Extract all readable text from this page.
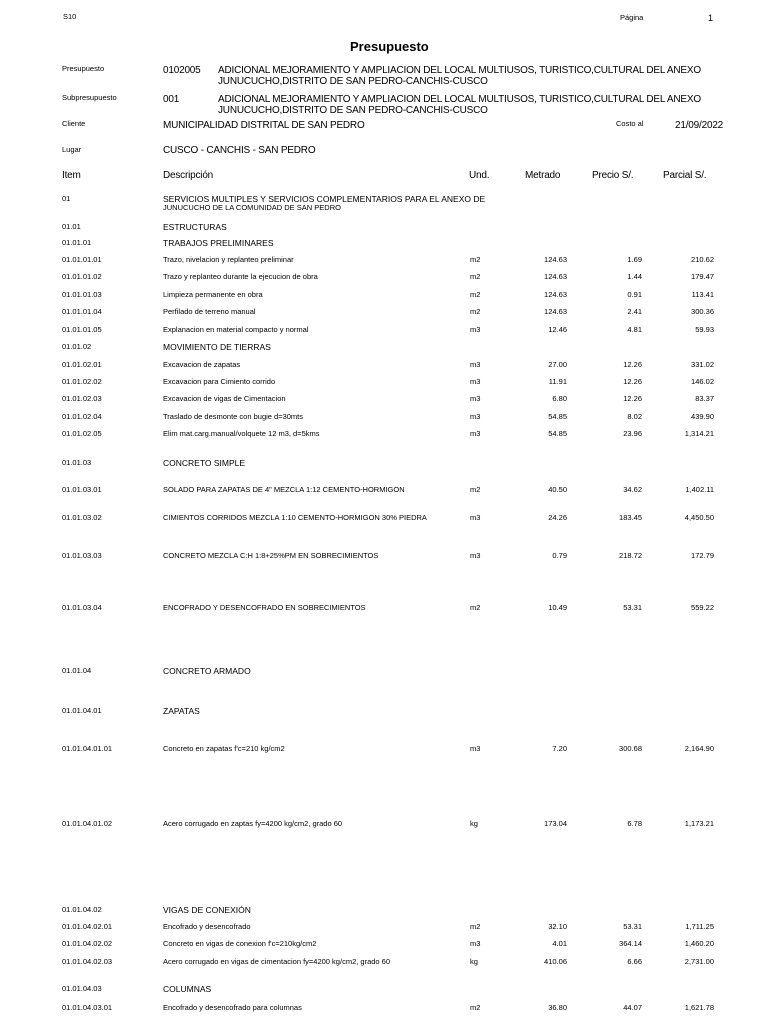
S10	Página	1
Presupuesto
Presupuesto	0102005 ADICIONAL MEJORAMIENTO Y AMPLIACION DEL LOCAL MULTIUSOS, TURISTICO,CULTURAL DEL ANEXO
JUNUCUCHO,DISTRITO DE SAN PEDRO-CANCHIS-CUSCO
Subpresupuesto	001	ADICIONAL MEJORAMIENTO Y AMPLIACION DEL LOCAL MULTIUSOS, TURISTICO,CULTURAL DEL ANEXO
JUNUCUCHO,DISTRITO DE SAN PEDRO-CANCHIS-CUSCO
Cliente	MUNICIPALIDAD DISTRITAL DE SAN PEDRO	Costo al	21/09/2022
Lugar	CUSCO - CANCHIS - SAN PEDRO
Item	Descripción	Und.	Metrado	Precio S/.	Parcial S/.
01	SERVICIOS MULTIPLES Y SERVICIOS COMPLEMENTARIOS PARA EL ANEXO DE
JUNUCUCHO DE LA COMUNIDAD DE SAN PEDRO
01.01	ESTRUCTURAS
01.01.01	TRABAJOS PRELIMINARES
01.01.01.01	Trazo, nivelacion y replanteo preliminar	m2	124.63	1.69	210.62
01.01.01.02	Trazo y replanteo durante la ejecucion de obra	m2	124.63	1.44	179.47
01.01.01.03	Limpieza permanente en obra	m2	124.63	0.91	113.41
01.01.01.04	Perfilado de terreno manual	m2	124.63	2.41	300.36
01.01.01.05	Explanacion en material compacto y normal	m3	12.46	4.81	59.93
01.01.02	MOVIMIENTO DE TIERRAS
01.01.02.01	Excavacion de zapatas	m3	27.00	12.26	331.02
01.01.02.02	Excavacion para Cimiento corrido	m3	11.91	12.26	146.02
01.01.02.03	Excavacion de vigas de Cimentacion	m3	6.80	12.26	83.37
01.01.02.04	Traslado de desmonte con bugie d=30mts	m3	54.85	8.02	439.90
01.01.02.05	Elim mat.carg.manual/volquete 12 m3, d=5kms	m3	54.85	23.96	1,314.21
01.01.03	CONCRETO SIMPLE
01.01.03.01	SOLADO PARA ZAPATAS DE 4" MEZCLA 1:12 CEMENTO-HORMIGON	m2	40.50	34.62	1,402.11
01.01.03.02	CIMIENTOS CORRIDOS MEZCLA 1:10 CEMENTO-HORMIGON 30% PIEDRA	m3	24.26	183.45	4,450.50
01.01.03.03	CONCRETO MEZCLA C:H 1:8+25%PM EN SOBRECIMIENTOS	m3	0.79	218.72	172.79
01.01.03.04	ENCOFRADO Y DESENCOFRADO EN SOBRECIMIENTOS	m2	10.49	53.31	559.22
01.01.04	CONCRETO ARMADO
01.01.04.01	ZAPATAS
01.01.04.01.01	Concreto en zapatas f'c=210 kg/cm2	m3	7.20	300.68	2,164.90
01.01.04.01.02	Acero corrugado en zaptas fy=4200 kg/cm2, grado 60	kg	173.04	6.78	1,173.21
01.01.04.02	VIGAS DE CONEXIÓN
01.01.04.02.01	Encofrado y desencofrado	m2	32.10	53.31	1,711.25
01.01.04.02.02	Concreto en vigas de conexion f'c=210kg/cm2	m3	4.01	364.14	1,460.20
01.01.04.02.03	Acero corrugado en vigas de cimentacion fy=4200 kg/cm2, grado 60	kg	410.06	6.66	2,731.00
01.01.04.03	COLUMNAS
01.01.04.03.01	Encofrado y desencofrado para columnas	m2	36.80	44.07	1,621.78
